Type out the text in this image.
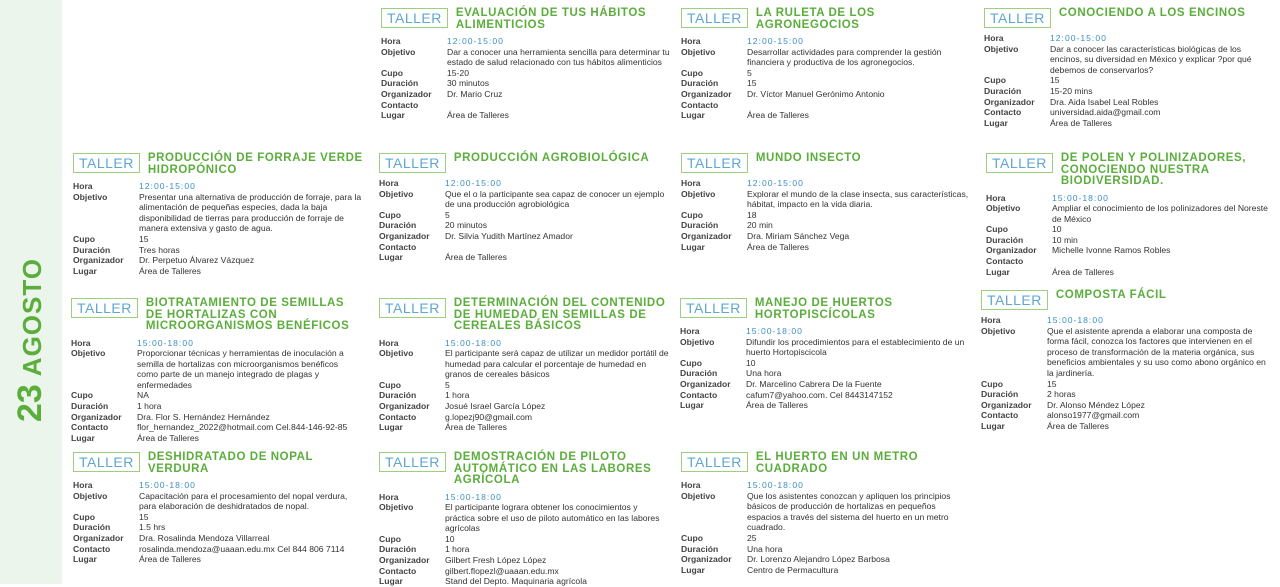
23AGOSTO
TALLER	EVALUACIÓN DE TUS HÁBITOS ALIMENTICIOS
Hora	12:00-15:00
Objetivo	Dar a conocer una herramienta sencilla para determinar tu estado de salud relacionado con tus hábitos alimenticios
Cupo	15-20
Duración	30 minutos
Organizador	Dr. Mario Cruz
Contacto
Lugar	Área de Talleres
TALLER	LA RULETA DE LOS AGRONEGOCIOS
Hora	12:00-15:00
Objetivo	Desarrollar actividades para comprender la gestión financiera y productiva de los agronegocios.
Cupo	5
Duración	15
Organizador	Dr. Víctor Manuel Gerónimo Antonio
Contacto
Lugar	Área de Talleres
TALLER	CONOCIENDO A LOS ENCINOS
Hora	12:00-15:00
Objetivo	Dar a conocer las características biológicas de los encinos, su diversidad en México y explicar ?por qué debemos de conservarlos?
Cupo	15
Duración	15-20 mins
Organizador	Dra. Aida Isabel Leal Robles
Contacto	universidad.aida@gmail.com
Lugar	Área de Talleres
TALLER	PRODUCCIÓN DE FORRAJE VERDE HIDROPÓNICO
Hora	12:00-15:00
Objetivo	Presentar una alternativa de producción de forraje, para la alimentación de pequeñas especies, dada la baja disponibilidad de tierras para producción de forraje de manera extensiva y gasto de agua.
Cupo	15
Duración	Tres horas
Organizador	Dr. Perpetuo Álvarez Vázquez
Lugar	Área de Talleres
TALLER	PRODUCCIÓN AGROBIOLÓGICA
Hora	12:00-15:00
Objetivo	Que el o la participante sea capaz de conocer un ejemplo de una producción agrobiológica
Cupo	5
Duración	20 minutos
Organizador	Dr. Silvia Yudith Martínez Amador
Contacto
Lugar	Área de Talleres
TALLER	MUNDO INSECTO
Hora	12:00-15:00
Objetivo	Explorar el mundo de la clase insecta, sus características, hábitat, impacto en la vida diaria.
Cupo	18
Duración	20 min
Organizador	Dra. Miriam Sánchez Vega
Lugar	Área de Talleres
TALLER	DE POLEN Y POLINIZADORES, CONOCIENDO NUESTRA BIODIVERSIDAD.
Hora	15:00-18:00
Objetivo	Ampliar el conocimiento de los polinizadores del Noreste de México
Cupo	10
Duración	10 min
Organizador	Michelle Ivonne Ramos Robles
Contacto
Lugar	Área de Talleres
TALLER	BIOTRATAMIENTO DE SEMILLAS DE HORTALIZAS CON MICROORGANISMOS BENÉFICOS
Hora	15:00-18:00
Objetivo	Proporcionar técnicas y herramientas de inoculación a semilla de hortalizas con microorganismos benéficos como parte de un manejo integrado de plagas y enfermedades
Cupo	NA
Duración	1 hora
Organizador	Dra. Flor S. Hernández Hernández
Contacto	flor_hernandez_2022@hotmail.com Cel.844-146-92-85
Lugar	Área de Talleres
TALLER	DETERMINACIÓN DEL CONTENIDO DE HUMEDAD EN SEMILLAS DE CEREALES BÁSICOS
Hora	15:00-18:00
Objetivo	El participante será capaz de utilizar un medidor portátil de humedad para calcular el porcentaje de humedad en granos de cereales básicos
Cupo	5
Duración	1 hora
Organizador	Josué Israel García López
Contacto	g.lopezj90@gmail.com
Lugar	Área de Talleres
TALLER	MANEJO DE HUERTOS HORTOPISCÍCOLAS
Hora	15:00-18:00
Objetivo	Difundir los procedimientos para el establecimiento de un huerto Hortopiscicola
Cupo	10
Duración	Una hora
Organizador	Dr. Marcelino Cabrera De la Fuente
Contacto	cafum7@yahoo.com. Cel 8443147152
Lugar	Área de Talleres
TALLER	COMPOSTA FÁCIL
Hora	15:00-18:00
Objetivo	Que el asistente aprenda a elaborar una composta de forma fácil, conozca los factores que intervienen en el proceso de transformación de la materia orgánica, sus beneficios ambientales y su uso como abono orgánico en la jardinería.
Cupo	15
Duración	2 horas
Organizador	Dr. Alonso Méndez López
Contacto	alonso1977@gmail.com
Lugar	Área de Talleres
TALLER	DESHIDRATADO DE NOPAL VERDURA
Hora	15:00-18:00
Objetivo	Capacitación para el procesamiento del nopal verdura, para elaboración de deshidratados de nopal.
Cupo	15
Duración	1.5 hrs
Organizador	Dra. Rosalinda Mendoza Villarreal
Contacto	rosalinda.mendoza@uaaan.edu.mx Cel 844 806 7114
Lugar	Área de Talleres
TALLER	DEMOSTRACIÓN DE PILOTO AUTOMÁTICO EN LAS LABORES AGRÍCOLA
Hora	15:00-18:00
Objetivo	El participante lograra obtener los conocimientos y práctica sobre el uso de piloto automático en las labores agrícolas
Cupo	10
Duración	1 hora
Organizador	Gilbert Fresh López López
Contacto	gilbert.flopezl@uaaan.edu.mx
Lugar	Stand del Depto. Maquinaria agrícola
TALLER	EL HUERTO EN UN METRO CUADRADO
Hora	15:00-18:00
Objetivo	Que los asistentes conozcan y apliquen los principios básicos de producción de hortalizas en pequeños espacios a través del sistema del huerto en un metro cuadrado.
Cupo	25
Duración	Una hora
Organizador	Dr. Lorenzo Alejandro López Barbosa
Lugar	Centro de Permacultura
